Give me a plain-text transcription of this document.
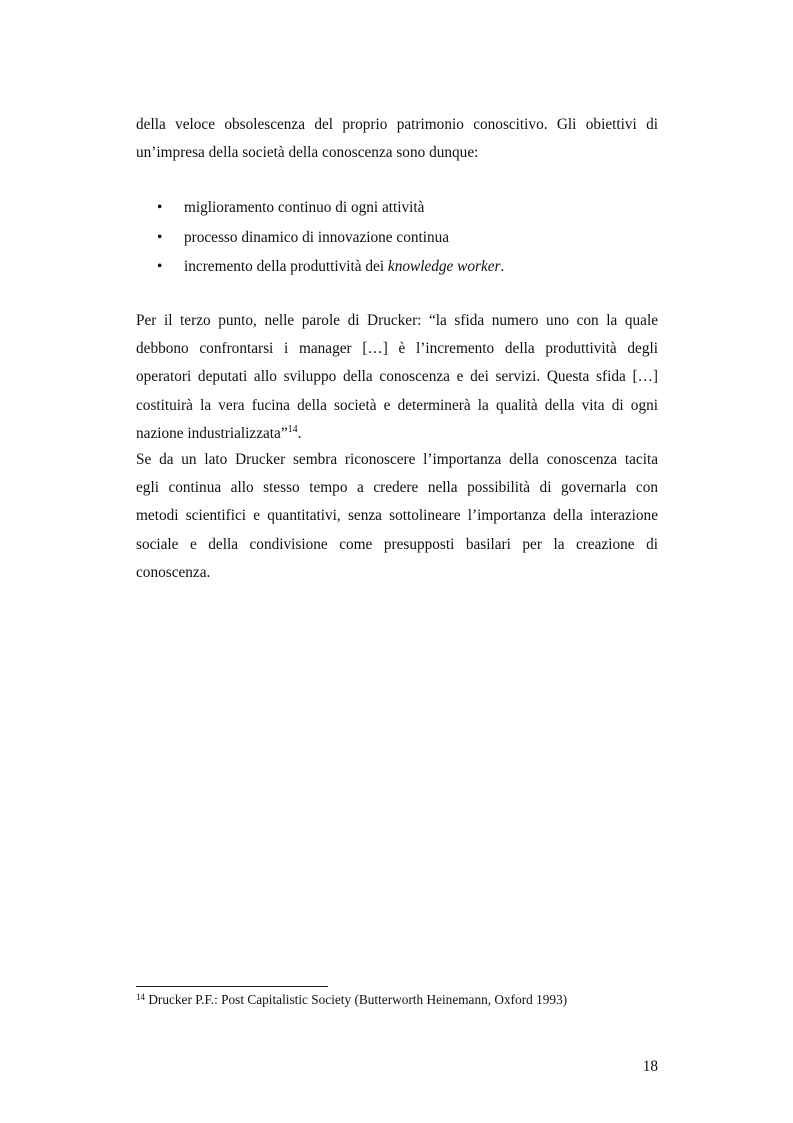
della veloce obsolescenza del proprio patrimonio conoscitivo. Gli obiettivi di
un’impresa della società della conoscenza sono dunque:
• miglioramento continuo di ogni attività
• processo dinamico di innovazione continua
• incremento della produttività dei knowledge worker.
Per il terzo punto, nelle parole di Drucker: “la sfida numero uno con la quale
debbono confrontarsi i manager […] è l’incremento della produttività degli
operatori deputati allo sviluppo della conoscenza e dei servizi. Questa sfida […]
costituirà la vera fucina della società e determinerà la qualità della vita di ogni
nazione industrializzata”$^{14}$.
Se da un lato Drucker sembra riconoscere l’importanza della conoscenza tacita
egli continua allo stesso tempo a credere nella possibilità di governarla con
metodi scientifici e quantitativi, senza sottolineare l’importanza della interazione
sociale e della condivisione come presupposti basilari per la creazione di
conoscenza.
$^{14}$ Drucker P.F.: Post Capitalistic Society (Butterworth Heinemann, Oxford 1993)
18
